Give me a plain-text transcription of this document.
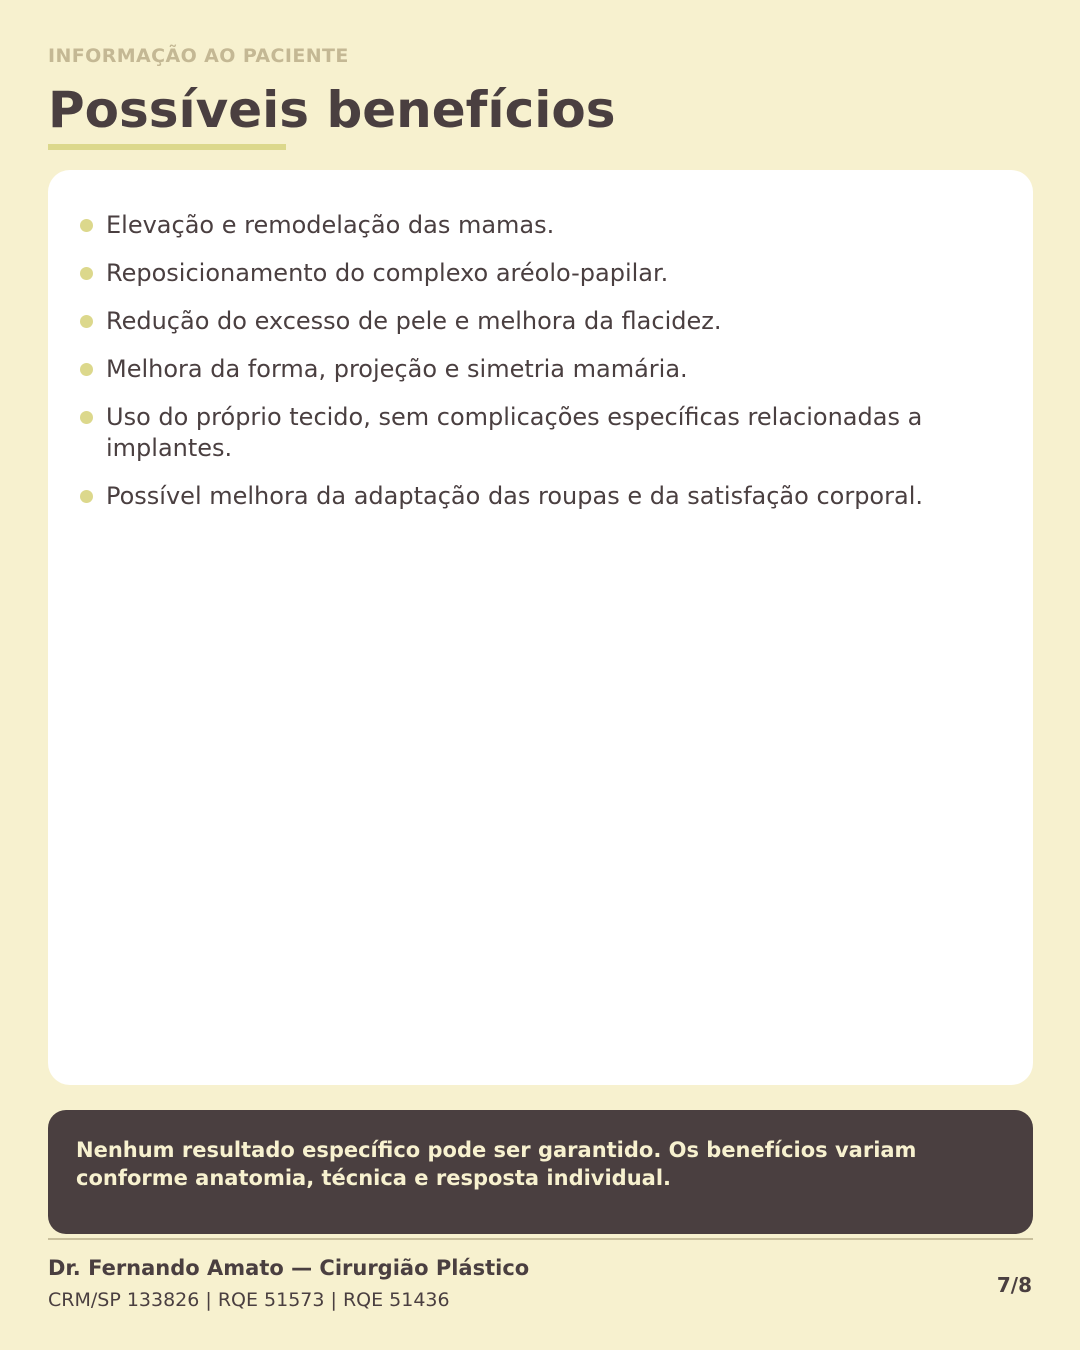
INFORMAÇÃO AO PACIENTE
Possíveis benefícios
Elevação e remodelação das mamas.
Reposicionamento do complexo aréolo-papilar.
Redução do excesso de pele e melhora da flacidez.
Melhora da forma, projeção e simetria mamária.
Uso do próprio tecido, sem complicações específicas relacionadas a implantes.
Possível melhora da adaptação das roupas e da satisfação corporal.
Nenhum resultado específico pode ser garantido. Os benefícios variam conforme anatomia, técnica e resposta individual.
Dr. Fernando Amato — Cirurgião Plástico
CRM/SP 133826 | RQE 51573 | RQE 51436
7/8
